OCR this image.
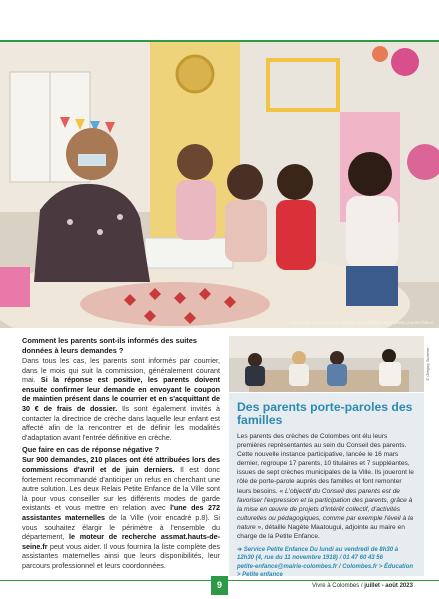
La crèche Excelsior des Tulipes, aux ateliers, avec photo jeunes bleus
Comment les parents sont-ils informés des suites données à leurs demandes ?

Dans tous les cas, les parents sont informés par courrier, dans le mois qui suit la commission, généralement courant mai. Si la réponse est positive, les parents doivent ensuite confirmer leur demande en envoyant le coupon de maintien présent dans le courrier et en s'acquittant de 30 € de frais de dossier. Ils sont également invités à contacter la directrice de crèche dans laquelle leur enfant est affecté afin de la rencontrer et de définir les modalités d'adaptation avant l'entrée définitive en crèche.

Que faire en cas de réponse négative ?

Sur 900 demandes, 210 places ont été attribuées lors des commissions d'avril et de juin derniers. Il est donc fortement recommandé d'anticiper un refus en cherchant une autre solution. Les deux Relais Petite Enfance de la Ville sont là pour vous conseiller sur les différents modes de garde existants et vous mettre en relation avec l'une des 272 assistantes maternelles de la Ville (voir encadré p.8). Si vous souhaitez élargir le périmètre à l'ensemble du département, le moteur de recherche assmat.hauts-de-seine.fr peut vous aider. Il vous fournira la liste complète des assistantes maternelles ainsi que leurs disponibilités, leur parcours professionnel et leurs coordonnées.

© Grégory Scherrer
Des parents porte-paroles des familles

Les parents des crèches de Colombes ont élu leurs premières représentantes au sein du Conseil des parents. Cette nouvelle instance participative, lancée le 16 mars dernier, regroupe 17 parents, 10 titulaires et 7 suppléantes, issues de sept crèches municipales de la Ville. Ils joueront le rôle de porte-parole auprès des familles et font remonter leurs besoins. « L'objectif du Conseil des parents est de favoriser l'expression et la participation des parents, grâce à la mise en œuvre de projets d'intérêt collectif, d'activités culturelles ou pédagogiques, comme par exemple l'éveil à la nature », détaille Nagète Maatougui, adjointe au maire en charge de la Petite Enfance.

➔ Service Petite Enfance Du lundi au vendredi de 8h30 à 12h30 (4, rue du 11 novembre 1918) / 01 47 60 43 56
petite-enfance@mairie-colombes.fr / Colombes.fr > Éducation > Petite enfance
9	Vivre à Colombes / juillet - août 2023
